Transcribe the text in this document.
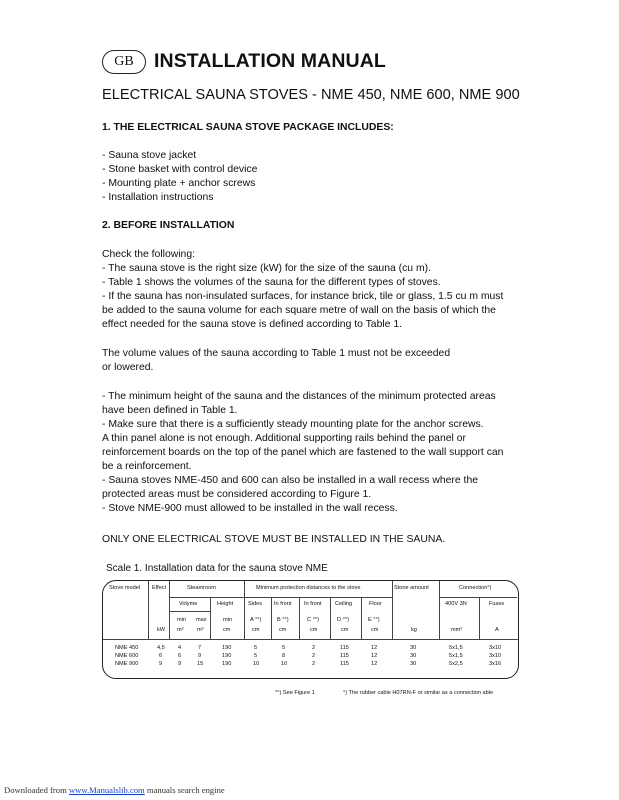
GB	INSTALLATION MANUAL
ELECTRICAL SAUNA STOVES - NME 450, NME 600, NME 900
1. THE ELECTRICAL SAUNA STOVE PACKAGE INCLUDES:
- Sauna stove jacket
- Stone basket with control device
- Mounting plate + anchor screws
- Installation instructions
2. BEFORE INSTALLATION
Check the following:
- The sauna stove is the right size (kW) for the size of the sauna (cu m).
- Table 1 shows the volumes of the sauna for the different types of stoves.
- If the sauna has non-insulated surfaces, for instance brick, tile or glass, 1.5 cu m must
be added to the sauna volume for each square metre of wall on the basis of which the
effect needed for the sauna stove is defined according to Table 1.
The volume values of the sauna according to Table 1 must not be exceeded
or lowered.
- The minimum height of the sauna and the distances of the minimum protected areas
have been defined in Table 1.
- Make sure that there is a sufficiently steady mounting plate for the anchor screws.
A thin panel alone is not enough. Additional supporting rails behind the panel or
reinforcement boards on the top of the panel which are fastened to the wall support can
be a reinforcement.
- Sauna stoves NME-450 and 600 can also be installed in a wall recess where the
protected areas must be considered according to Figure 1.
- Stove NME-900 must allowed to be installed in the wall recess.
ONLY ONE ELECTRICAL STOVE MUST BE INSTALLED IN THE SAUNA.
Scale 1. Installation data for the sauna stove NME
Stove model Effect	Steamroom	Minimum protection distances to the stove	Stone amount	Connection°)
Volyme	Height	Sides In front In front Ceiling	Floor	400V 3N	Fuses
min max	min	A °°)	B °°)	C °°)	D °°)	E °°)
kW m³ m³	cm	cm	cm	cm	cm	cm	kg	mm²	A
NME 450	4,5 4	7	190	5	5	2	115	12	30	5x1,5	3x10
NME 600	6	6	9	190	5	8	2	115	12	30	5x1,5	3x10
NME 900	9	9	15	190	10	10	2	115	12	30	5x2,5	3x16
°°) See Figure 1	°) The rubber cable H07RN-F or similar as a connection able
Downloaded from www.Manualslib.com manuals search engine
